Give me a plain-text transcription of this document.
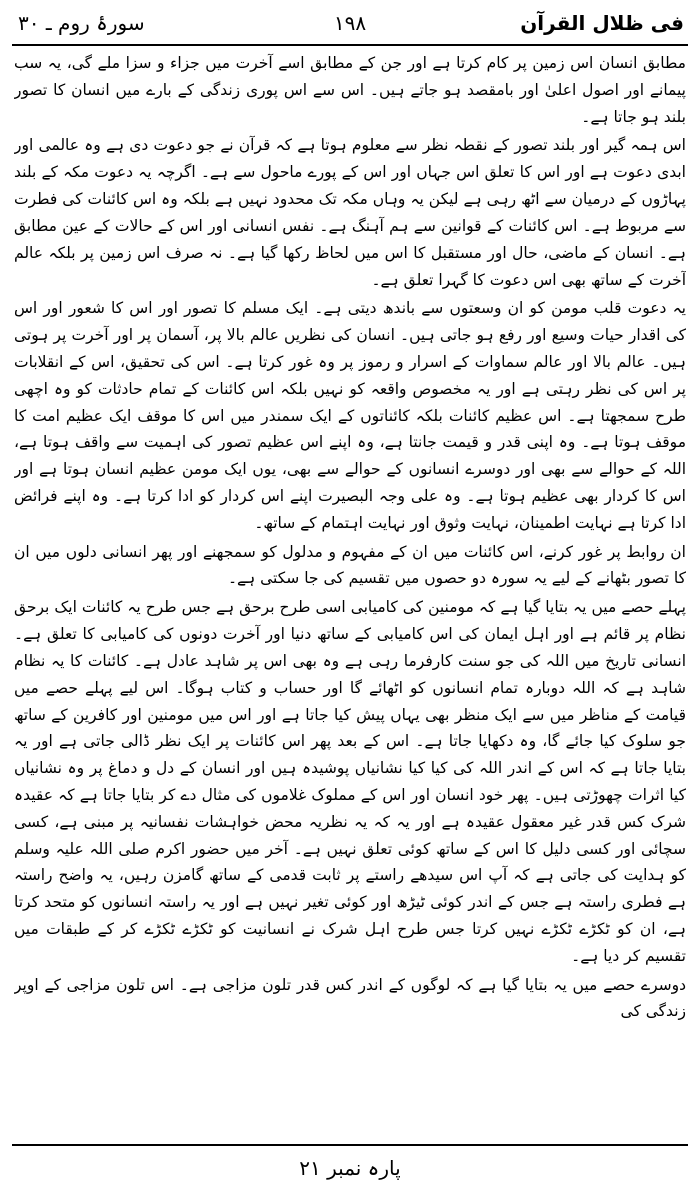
فی ظلال القرآن
۱۹۸
سورۂ روم ـ ۳۰

مطابق انسان اس زمین پر کام کرتا ہے اور جن کے مطابق اسے آخرت میں جزاء و سزا ملے گی، یہ سب پیمانے اور اصول اعلیٰ اور بامقصد ہو جاتے ہیں۔ اس سے اس پوری زندگی کے بارے میں انسان کا تصور بلند ہو جاتا ہے۔

اس ہمہ گیر اور بلند تصور کے نقطہ نظر سے معلوم ہوتا ہے کہ قرآن نے جو دعوت دی ہے وہ عالمی اور ابدی دعوت ہے اور اس کا تعلق اس جہاں اور اس کے پورے ماحول سے ہے۔ اگرچہ یہ دعوت مکہ کے بلند پہاڑوں کے درمیان سے اٹھ رہی ہے لیکن یہ وہاں مکہ تک محدود نہیں ہے بلکہ وہ اس کائنات کی فطرت سے مربوط ہے۔ اس کائنات کے قوانین سے ہم آہنگ ہے۔ نفس انسانی اور اس کے حالات کے عین مطابق ہے۔ انسان کے ماضی، حال اور مستقبل کا اس میں لحاظ رکھا گیا ہے۔ نہ صرف اس زمین پر بلکہ عالم آخرت کے ساتھ بھی اس دعوت کا گہرا تعلق ہے۔

یہ دعوت قلب مومن کو ان وسعتوں سے باندھ دیتی ہے۔ ایک مسلم کا تصور اور اس کا شعور اور اس کی اقدار حیات وسیع اور رفع ہو جاتی ہیں۔ انسان کی نظریں عالم بالا پر، آسمان پر اور آخرت پر ہوتی ہیں۔ عالم بالا اور عالم سماوات کے اسرار و رموز پر وہ غور کرتا ہے۔ اس کی تحقیق، اس کے انقلابات پر اس کی نظر رہتی ہے اور یہ مخصوص واقعہ کو نہیں بلکہ اس کائنات کے تمام حادثات کو وہ اچھی طرح سمجھتا ہے۔ اس عظیم کائنات بلکہ کائناتوں کے ایک سمندر میں اس کا موقف ایک عظیم امت کا موقف ہوتا ہے۔ وہ اپنی قدر و قیمت جانتا ہے، وہ اپنے اس عظیم تصور کی اہمیت سے واقف ہوتا ہے، اللہ کے حوالے سے بھی اور دوسرے انسانوں کے حوالے سے بھی، یوں ایک مومن عظیم انسان ہوتا ہے اور اس کا کردار بھی عظیم ہوتا ہے۔ وہ علی وجہ البصیرت اپنے اس کردار کو ادا کرتا ہے۔ وہ اپنے فرائض ادا کرتا ہے نہایت اطمینان، نہایت وثوق اور نہایت اہتمام کے ساتھ۔

ان روابط پر غور کرنے، اس کائنات میں ان کے مفہوم و مدلول کو سمجھنے اور پھر انسانی دلوں میں ان کا تصور بٹھانے کے لیے یہ سورہ دو حصوں میں تقسیم کی جا سکتی ہے۔

پہلے حصے میں یہ بتایا گیا ہے کہ مومنین کی کامیابی اسی طرح برحق ہے جس طرح یہ کائنات ایک برحق نظام پر قائم ہے اور اہل ایمان کی اس کامیابی کے ساتھ دنیا اور آخرت دونوں کی کامیابی کا تعلق ہے۔ انسانی تاریخ میں اللہ کی جو سنت کارفرما رہی ہے وہ بھی اس پر شاہد عادل ہے۔ کائنات کا یہ نظام شاہد ہے کہ اللہ دوبارہ تمام انسانوں کو اٹھائے گا اور حساب و کتاب ہوگا۔ اس لیے پہلے حصے میں قیامت کے مناظر میں سے ایک منظر بھی یہاں پیش کیا جاتا ہے اور اس میں مومنین اور کافرین کے ساتھ جو سلوک کیا جائے گا، وہ دکھایا جاتا ہے۔ اس کے بعد پھر اس کائنات پر ایک نظر ڈالی جاتی ہے اور یہ بتایا جاتا ہے کہ اس کے اندر اللہ کی کیا کیا نشانیاں پوشیدہ ہیں اور انسان کے دل و دماغ پر وہ نشانیاں کیا اثرات چھوڑتی ہیں۔ پھر خود انسان اور اس کے مملوک غلاموں کی مثال دے کر بتایا جاتا ہے کہ عقیدہ شرک کس قدر غیر معقول عقیدہ ہے اور یہ کہ یہ نظریہ محض خواہشات نفسانیہ پر مبنی ہے، کسی سچائی اور کسی دلیل کا اس کے ساتھ کوئی تعلق نہیں ہے۔ آخر میں حضور اکرم صلی اللہ علیہ وسلم کو ہدایت کی جاتی ہے کہ آپ اس سیدھے راستے پر ثابت قدمی کے ساتھ گامزن رہیں، یہ واضح راستہ ہے فطری راستہ ہے جس کے اندر کوئی ٹیڑھ اور کوئی تغیر نہیں ہے اور یہ راستہ انسانوں کو متحد کرتا ہے، ان کو ٹکڑے ٹکڑے نہیں کرتا جس طرح اہل شرک نے انسانیت کو ٹکڑے ٹکڑے کر کے طبقات میں تقسیم کر دیا ہے۔

دوسرے حصے میں یہ بتایا گیا ہے کہ لوگوں کے اندر کس قدر تلون مزاجی ہے۔ اس تلون مزاجی کے اوپر زندگی کی

پارہ نمبر ۲۱
